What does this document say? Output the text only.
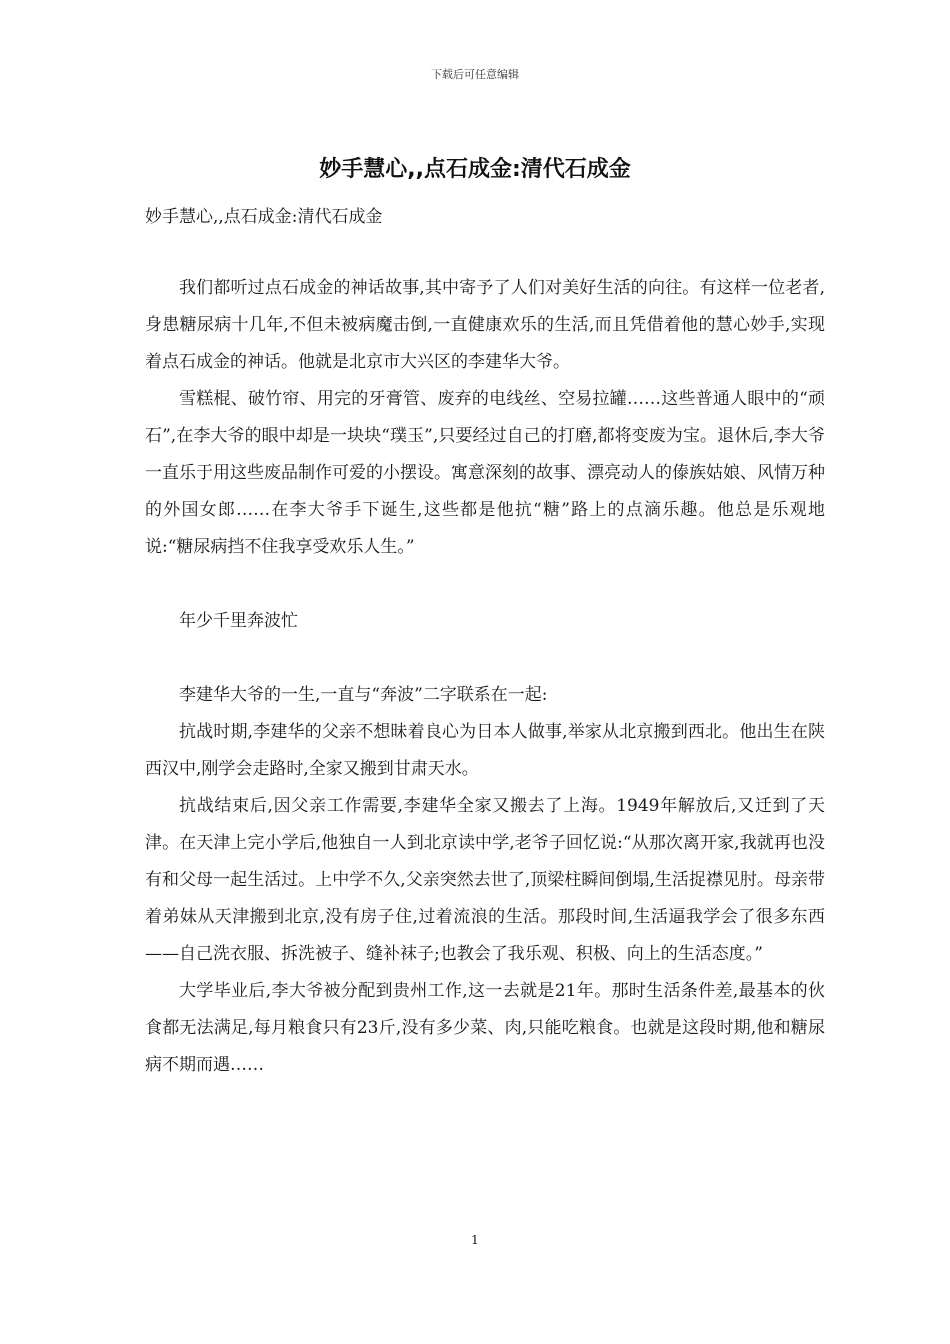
下载后可任意编辑
妙手慧心,,点石成金:清代石成金
妙手慧心,,点石成金:清代石成金

我们都听过点石成金的神话故事,其中寄予了人们对美好生活的向往。有这样一位老者,身患糖尿病十几年,不但未被病魔击倒,一直健康欢乐的生活,而且凭借着他的慧心妙手,实现着点石成金的神话。他就是北京市大兴区的李建华大爷。

雪糕棍、破竹帘、用完的牙膏管、废弃的电线丝、空易拉罐……这些普通人眼中的“顽石”,在李大爷的眼中却是一块块“璞玉”,只要经过自己的打磨,都将变废为宝。退休后,李大爷一直乐于用这些废品制作可爱的小摆设。寓意深刻的故事、漂亮动人的傣族姑娘、风情万种的外国女郎……在李大爷手下诞生,这些都是他抗“糖”路上的点滴乐趣。他总是乐观地说:“糖尿病挡不住我享受欢乐人生。”

年少千里奔波忙

李建华大爷的一生,一直与“奔波”二字联系在一起:

抗战时期,李建华的父亲不想昧着良心为日本人做事,举家从北京搬到西北。他出生在陕西汉中,刚学会走路时,全家又搬到甘肃天水。

抗战结束后,因父亲工作需要,李建华全家又搬去了上海。1949年解放后,又迁到了天津。在天津上完小学后,他独自一人到北京读中学,老爷子回忆说:“从那次离开家,我就再也没有和父母一起生活过。上中学不久,父亲突然去世了,顶梁柱瞬间倒塌,生活捉襟见肘。母亲带着弟妹从天津搬到北京,没有房子住,过着流浪的生活。那段时间,生活逼我学会了很多东西——自己洗衣服、拆洗被子、缝补袜子;也教会了我乐观、积极、向上的生活态度。”

大学毕业后,李大爷被分配到贵州工作,这一去就是21年。那时生活条件差,最基本的伙食都无法满足,每月粮食只有23斤,没有多少菜、肉,只能吃粮食。也就是这段时期,他和糖尿病不期而遇……

1
